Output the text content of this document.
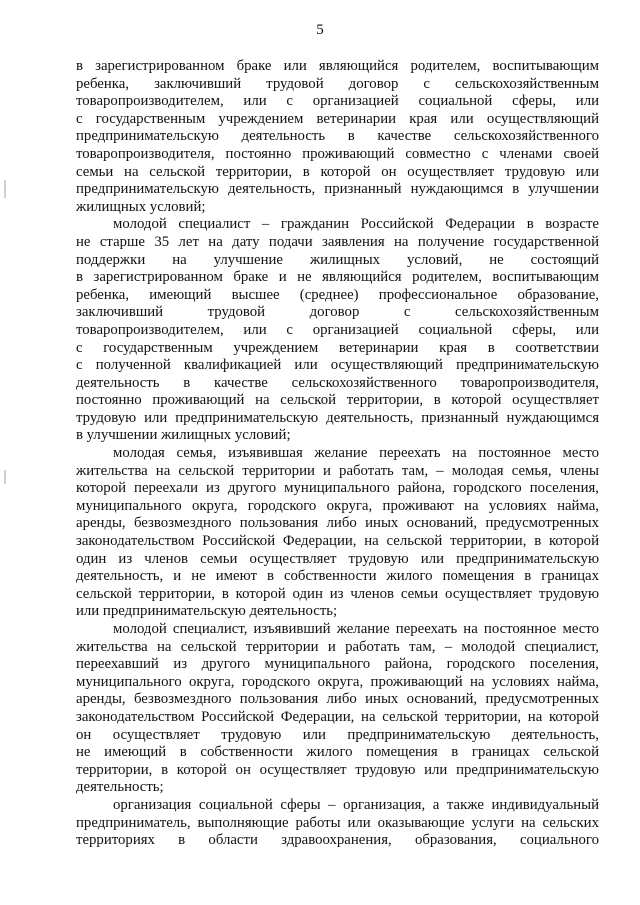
5
в зарегистрированном браке или являющийся родителем, воспитывающим
ребенка, заключивший трудовой договор с сельскохозяйственным
товаропроизводителем, или с организацией социальной сферы, или
с государственным учреждением ветеринарии края или осуществляющий
предпринимательскую деятельность в качестве сельскохозяйственного
товаропроизводителя, постоянно проживающий совместно с членами своей
семьи на сельской территории, в которой он осуществляет трудовую или
предпринимательскую деятельность, признанный нуждающимся в улучшении
жилищных условий;
молодой специалист – гражданин Российской Федерации в возрасте
не старше 35 лет на дату подачи заявления на получение государственной
поддержки на улучшение жилищных условий, не состоящий
в зарегистрированном браке и не являющийся родителем, воспитывающим
ребенка, имеющий высшее (среднее) профессиональное образование,
заключивший трудовой договор с сельскохозяйственным
товаропроизводителем, или с организацией социальной сферы, или
с государственным учреждением ветеринарии края в соответствии
с полученной квалификацией или осуществляющий предпринимательскую
деятельность в качестве сельскохозяйственного товаропроизводителя,
постоянно проживающий на сельской территории, в которой осуществляет
трудовую или предпринимательскую деятельность, признанный нуждающимся
в улучшении жилищных условий;
молодая семья, изъявившая желание переехать на постоянное место
жительства на сельской территории и работать там, – молодая семья, члены
которой переехали из другого муниципального района, городского поселения,
муниципального округа, городского округа, проживают на условиях найма,
аренды, безвозмездного пользования либо иных оснований, предусмотренных
законодательством Российской Федерации, на сельской территории, в которой
один из членов семьи осуществляет трудовую или предпринимательскую
деятельность, и не имеют в собственности жилого помещения в границах
сельской территории, в которой один из членов семьи осуществляет трудовую
или предпринимательскую деятельность;
молодой специалист, изъявивший желание переехать на постоянное место
жительства на сельской территории и работать там, – молодой специалист,
переехавший из другого муниципального района, городского поселения,
муниципального округа, городского округа, проживающий на условиях найма,
аренды, безвозмездного пользования либо иных оснований, предусмотренных
законодательством Российской Федерации, на сельской территории, на которой
он осуществляет трудовую или предпринимательскую деятельность,
не имеющий в собственности жилого помещения в границах сельской
территории, в которой он осуществляет трудовую или предпринимательскую
деятельность;
организация социальной сферы – организация, а также индивидуальный
предприниматель, выполняющие работы или оказывающие услуги на сельских
территориях в области здравоохранения, образования, социального
